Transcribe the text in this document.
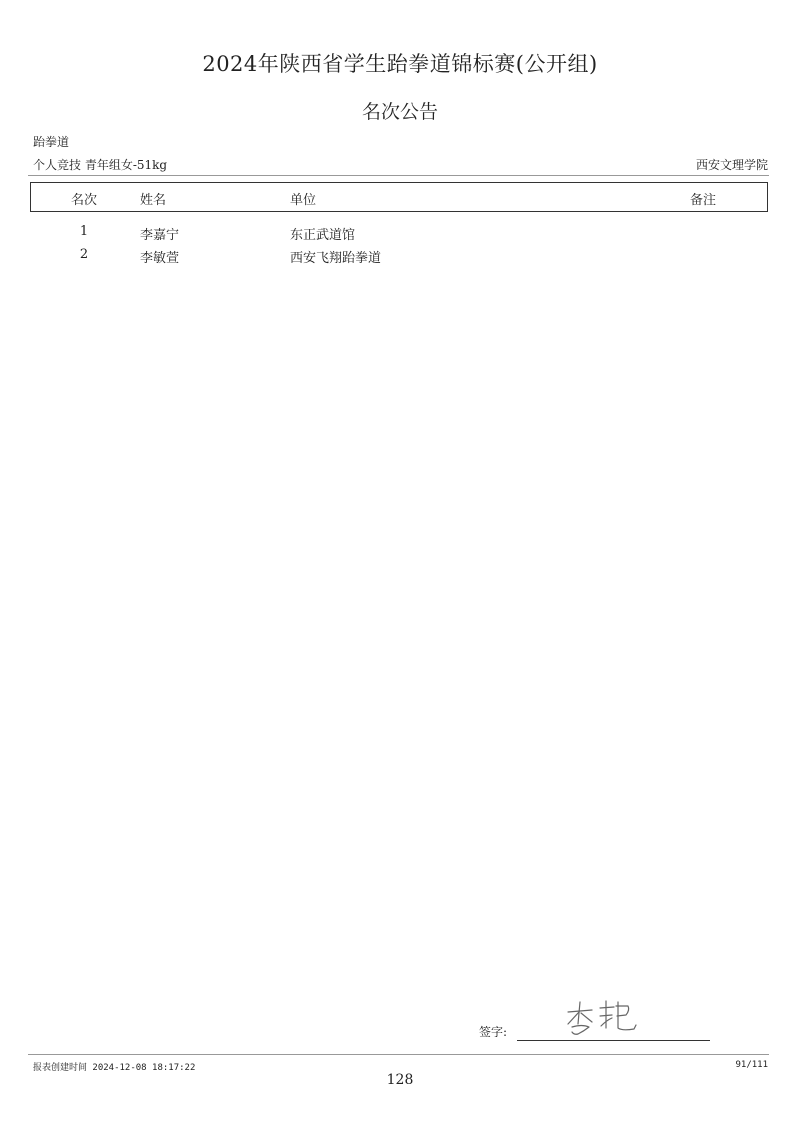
2024年陕西省学生跆拳道锦标赛(公开组)
名次公告
跆拳道
个人竞技 青年组女-51kg	西安文理学院
名次	姓名	单位	备注
1	李嘉宁	东正武道馆
2	李敏萱	西安飞翔跆拳道
签字:
报表创建时间 2024-12-08 18:17:22	91/111
128
